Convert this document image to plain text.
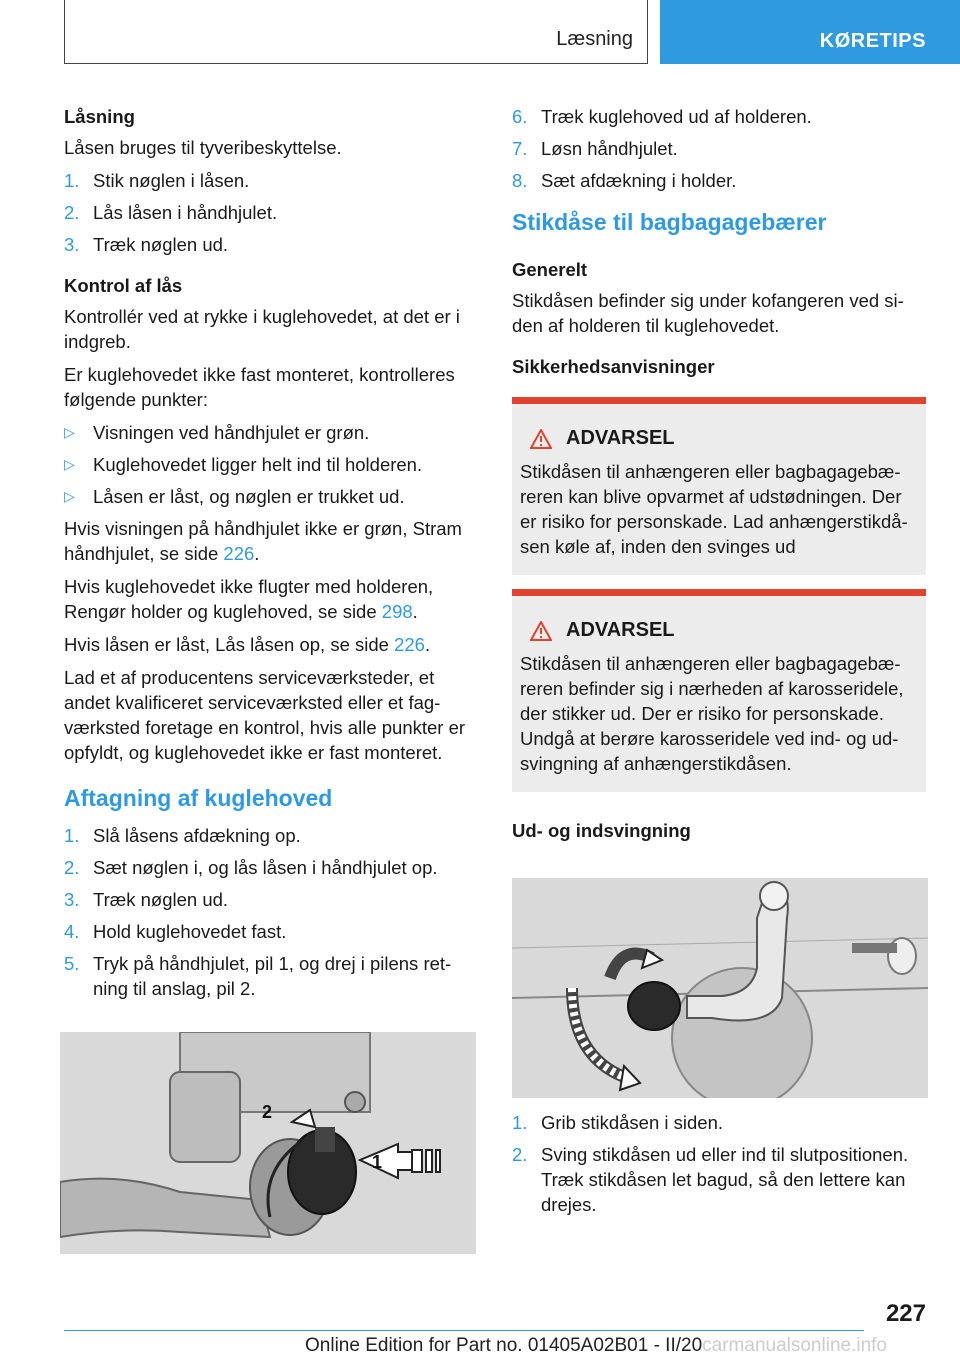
Læsning	KØRETIPS
Låsning

Låsen bruges til tyveribeskyttelse.

1. Stik nøglen i låsen.
2. Lås låsen i håndhjulet.
3. Træk nøglen ud.
Kontrol af lås

Kontrollér ved at rykke i kuglehovedet, at det er i indgreb.

Er kuglehovedet ikke fast monteret, kontrolleres følgende punkter:

▷ Visningen ved håndhjulet er grøn.
▷ Kuglehovedet ligger helt ind til holderen.
▷ Låsen er låst, og nøglen er trukket ud.

Hvis visningen på håndhjulet ikke er grøn, Stram håndhjulet, se side 226.

Hvis kuglehovedet ikke flugter med holderen, Rengør holder og kuglehoved, se side 298.

Hvis låsen er låst, Lås låsen op, se side 226.

Lad et af producentens serviceværksteder, et andet kvalificeret serviceværksted eller et fagværksted foretage en kontrol, hvis alle punkter er opfyldt, og kuglehovedet ikke er fast monteret.

Aftagning af kuglehoved
1. Slå låsens afdækning op.
2. Sæt nøglen i, og lås låsen i håndhjulet op.
3. Træk nøglen ud.
4. Hold kuglehovedet fast.
5. Tryk på håndhjulet, pil 1, og drej i pilens retning til anslag, pil 2.
2
1
6. Træk kuglehoved ud af holderen.
7. Løsn håndhjulet.
8. Sæt afdækning i holder.
Stikdåse til bagbagagebærer
Generelt

Stikdåsen befinder sig under kofangeren ved siden af holderen til kuglehovedet.

Sikkerhedsanvisninger
ADVARSEL
Stikdåsen til anhængeren eller bagbagagebæreren kan blive opvarmet af udstødningen. Der er risiko for personskade. Lad anhængerstikdåsen køle af, inden den svinges ud
ADVARSEL
Stikdåsen til anhængeren eller bagbagagebæreren befinder sig i nærheden af karosseridele, der stikker ud. Der er risiko for personskade. Undgå at berøre karosseridele ved ind- og udsvingning af anhængerstikdåsen.
Ud- og indsvingning
1. Grib stikdåsen i siden.
2. Sving stikdåsen ud eller ind til slutpositionen. Træk stikdåsen let bagud, så den lettere kan drejes.
227
Online Edition for Part no. 01405A02B01 - II/20carmanualsonline.info
